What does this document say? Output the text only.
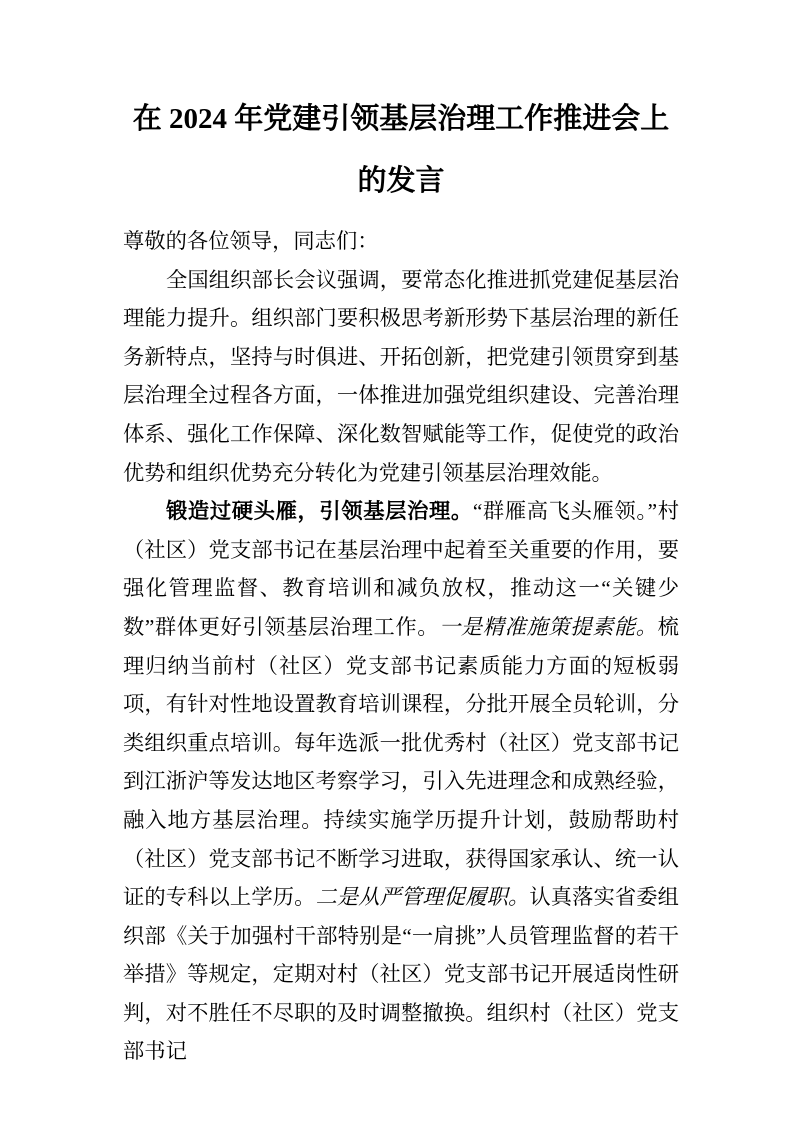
在 2024 年党建引领基层治理工作推进会上
的发言

尊敬的各位领导，同志们：

全国组织部长会议强调，要常态化推进抓党建促基层治理能力提升。组织部门要积极思考新形势下基层治理的新任务新特点，坚持与时俱进、开拓创新，把党建引领贯穿到基层治理全过程各方面，一体推进加强党组织建设、完善治理体系、强化工作保障、深化数智赋能等工作，促使党的政治优势和组织优势充分转化为党建引领基层治理效能。

锻造过硬头雁，引领基层治理。“群雁高飞头雁领。”村（社区）党支部书记在基层治理中起着至关重要的作用，要强化管理监督、教育培训和减负放权，推动这一“关键少数”群体更好引领基层治理工作。一是精准施策提素能。梳理归纳当前村（社区）党支部书记素质能力方面的短板弱项，有针对性地设置教育培训课程，分批开展全员轮训，分类组织重点培训。每年选派一批优秀村（社区）党支部书记到江浙沪等发达地区考察学习，引入先进理念和成熟经验，融入地方基层治理。持续实施学历提升计划，鼓励帮助村（社区）党支部书记不断学习进取，获得国家承认、统一认证的专科以上学历。二是从严管理促履职。认真落实省委组织部《关于加强村干部特别是“一肩挑”人员管理监督的若干举措》等规定，定期对村（社区）党支部书记开展适岗性研判，对不胜任不尽职的及时调整撤换。组织村（社区）党支部书记
